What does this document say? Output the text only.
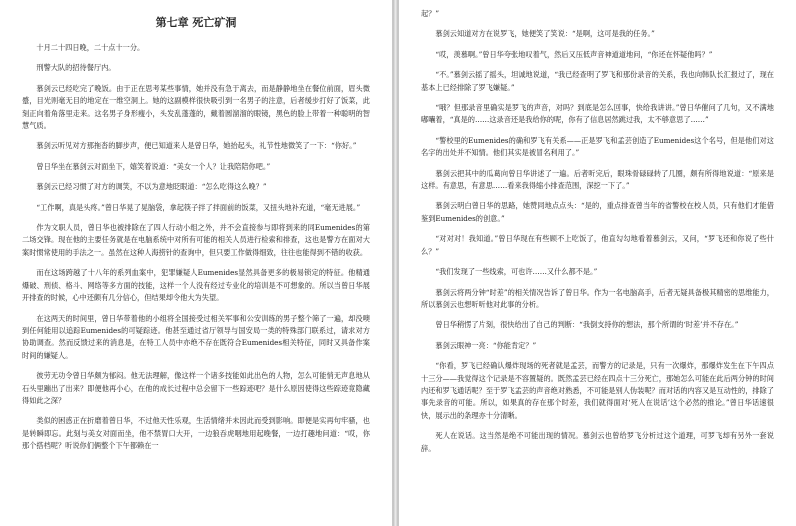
第七章 死亡矿洞

十月二十四日晚，二十点十一分。

刑警大队的招待餐厅内。

慕剑云已经吃完了晚饭。由于正在思考某些事情，她并没有急于离去，而是静静地坐在餐位前面，眉头微蹙，目光则毫无目的地定在一维空洞上。她的这副模样很快吸引到一名男子的注意，后者缓步打好了饭菜，此刻正向着角落里走来。这名男子身形瘦小，头发乱蓬蓬的，戴着圆溜溜的眼镜，黑色的脸上带着一种聪明的智慧气质。

慕剑云听见对方那拖沓的脚步声，便已知道来人是曾日华，她抬起头，礼节性地微笑了一下：“你好。”

曾日华坐在慕剑云对面坐下，嬉笑着说道：“美女一个人？让我陪陪你吧。”

慕剑云已经习惯了对方的调笑，不以为意地眨眼道：“怎么吃得这么晚？”

“工作啊，真是头疼。”曾日华晃了晃脑袋，拿起筷子拌了拌面前的饭菜，又扭头地补充道，“毫无进展。”

作为文职人员，曾日华也被排除在了四人行动小组之外，并不会直接参与即将到来的同Eumenides的第二场交锋。现在他的主要任务就是在电脑系统中对所有可能的相关人员进行检索和排查，这也是警方在面对大案时惯常使用的手法之一。虽然在这种人海捞针的查询中，但只要工作做得细致，往往也能得到不错的收获。

而在这场跨越了十八年的系列血案中，犯罪嫌疑人Eumenides显然具备更多的极易锁定的特征。他精通爆破、刑侦、格斗、网络等多方面的技能，这样一个人没有经过专业化的培训是不可想象的。所以当曾日华展开排查的时候，心中还颇有几分信心，但结果却令他大为失望。

在这两天的时间里，曾日华带着他的小组将全国接受过相关军事和公安训练的男子整个筛了一遍，却没噢到任何能用以追踪Eumenides的可疑踪迹。他甚至通过省厅领导与国安局一类的特殊部门联系过，请求对方协助调查。然而反馈过来的消息是，在特工人员中亦绝不存在既符合Eumenides相关特征，同时又具备作案时间的嫌疑人。

彼劳无功令曾日华颇为郁闷。他无法理解，像这样一个诸多技能如此出色的人物，怎么可能悄无声息地从石头里蹦出了出来？即便他再小心，在他的成长过程中总会留下一些踪迹吧？是什么原因使得这些踪迹竟隐藏得如此之深？

类似的困惑正在折磨着曾日华，不过他天性乐观，生活情绪并未因此而受到影响。即便是实再句牢骚，也是转瞬即忘。此刻与美女对面而坐，他不禁胃口大开，一边狼吞虎咽地用起晚餐，一边打趣地问道：“哎，你那个搭档呢？听说你们俩整个下午都赖在一

起？”

慕剑云知道对方在说罗飞，她便笑了笑说：“是啊，这可是我的任务。”

“哎，羡慕啊。”曾日华夸张地叹着气，然后又压低声音神道道地问，“你还在怀疑他吗？”

“不。”慕剑云摇了摇头，坦诚地说道，“我已经查明了罗飞和那份录音的关系，我也向韩队长汇报过了，现在基本上已经排除了罗飞嫌疑。”

“哦？但那录音里确实是罗飞的声音，对吗？到底是怎么回事，快给我讲讲。”曾日华催问了几句，又不满地嘟囔着，“真是的……这录音还是我给你的呢，你有了信息居然跳过我，太不够意思了……”

“警校里的Eumenides的确和罗飞有关系——正是罗飞和孟芸创造了Eumenides这个名号，但是他们对这名字的出处并不知情。他们其实是被冒名利用了。”

慕剑云把其中的瓜葛向曾日华讲述了一遍。后者听完后，眼珠骨碌碌转了几圈，颇有所得地说道：“原来是这样。有意思，有意思……看来我得缩小排查范围，深挖一下了。”

慕剑云明白曾日华的思路，她赞同地点点头：“是的，重点排查曾当年的省警校在校人员，只有他们才能借鉴到Eumenides的创意。”

“对对对！我知道。”曾日华现在有些顾不上吃饭了，他直勾勾地看着慕剑云，又问，“罗飞还和你说了些什么？”

“我们发现了一些线索，可也许……又什么都不是。”

慕剑云将两分钟“时差”的相关情况告诉了曾日华。作为一名电脑高手，后者无疑具备极其精密的思维能力，所以慕剑云也想听听他对此事的分析。

曾日华稍愣了片刻，很快给出了自己的判断：“我倒支持你的想法，那个所谓的‘时差’并不存在。”

慕剑云眼神一亮：“你能肯定？”

“你看，罗飞已经确认爆炸现场的死者就是孟芸，而警方的记录是，只有一次爆炸，那爆炸发生在下午四点十三分——我觉得这个记录是不容置疑的。既然孟芸已经在四点十三分死亡，那她怎么可能在此后两分钟的时间内还和罗飞通话呢？至于罗飞孟芸的声音绝对熟悉，不可能是别人伪装呢？而对话的内容又是互动性的，排除了事先录音的可能。所以，如果真的存在那个时差，我们就得面对‘死人在说话’这个必然的推论。”曾日华话速很快，展示出的条理亦十分清晰。

死人在说话。这当然是绝不可能出现的情况。慕剑云也曾给罗飞分析过这个道理，可罗飞却有另外一套说辞。
